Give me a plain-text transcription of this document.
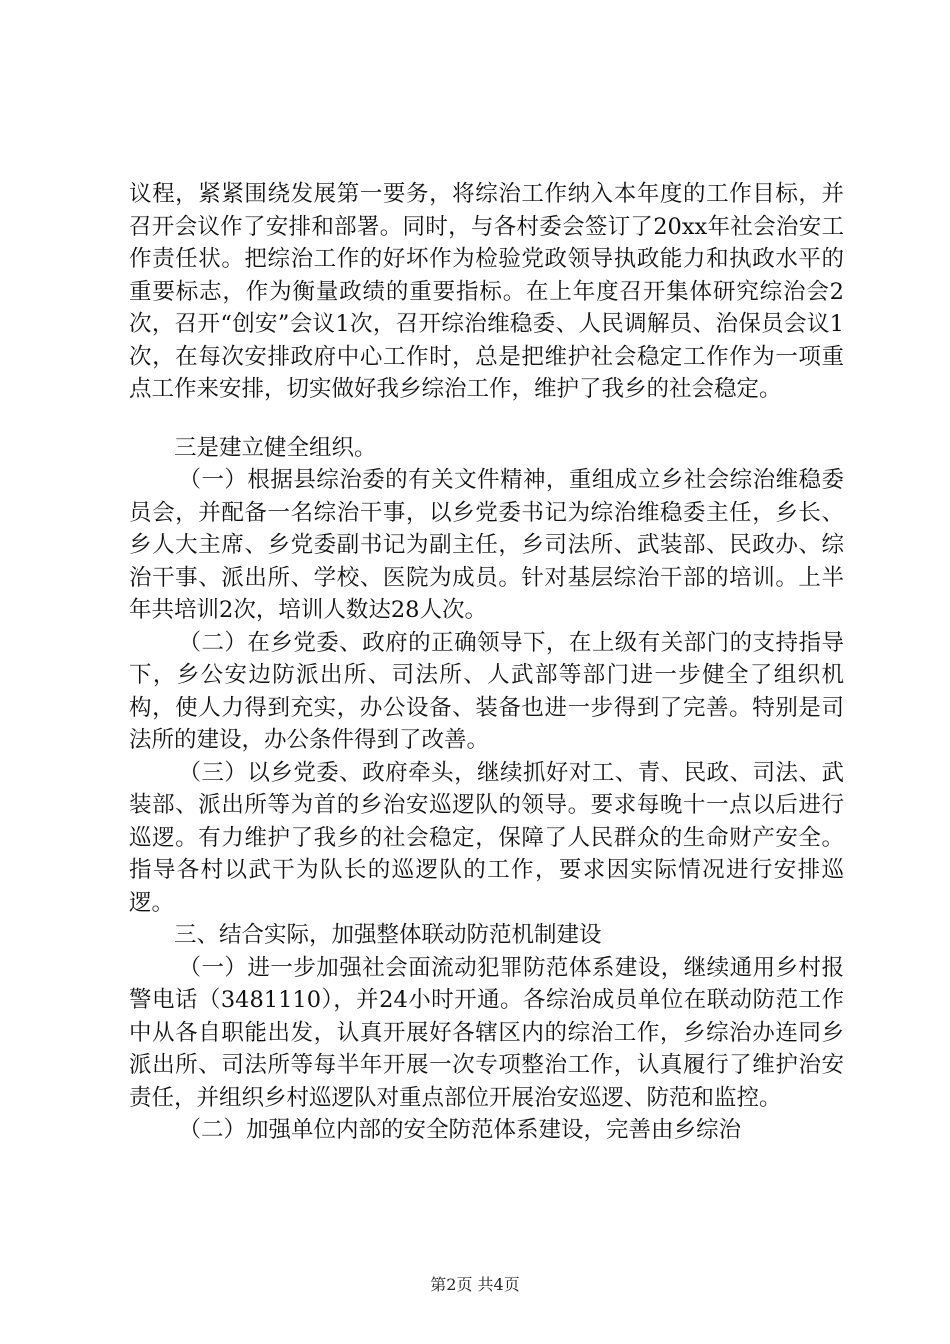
议程，紧紧围绕发展第一要务，将综治工作纳入本年度的工作目标，并召开会议作了安排和部署。同时，与各村委会签订了20xx年社会治安工作责任状。把综治工作的好坏作为检验党政领导执政能力和执政水平的重要标志，作为衡量政绩的重要指标。在上年度召开集体研究综治会2次，召开“创安”会议1次，召开综治维稳委、人民调解员、治保员会议1次，在每次安排政府中心工作时，总是把维护社会稳定工作作为一项重点工作来安排，切实做好我乡综治工作，维护了我乡的社会稳定。

三是建立健全组织。

（一）根据县综治委的有关文件精神，重组成立乡社会综治维稳委员会，并配备一名综治干事，以乡党委书记为综治维稳委主任，乡长、乡人大主席、乡党委副书记为副主任，乡司法所、武装部、民政办、综治干事、派出所、学校、医院为成员。针对基层综治干部的培训。上半年共培训2次，培训人数达28人次。

（二）在乡党委、政府的正确领导下，在上级有关部门的支持指导下，乡公安边防派出所、司法所、人武部等部门进一步健全了组织机构，使人力得到充实，办公设备、装备也进一步得到了完善。特别是司法所的建设，办公条件得到了改善。

（三）以乡党委、政府牵头，继续抓好对工、青、民政、司法、武装部、派出所等为首的乡治安巡逻队的领导。要求每晚十一点以后进行巡逻。有力维护了我乡的社会稳定，保障了人民群众的生命财产安全。指导各村以武干为队长的巡逻队的工作，要求因实际情况进行安排巡逻。

三、结合实际，加强整体联动防范机制建设

（一）进一步加强社会面流动犯罪防范体系建设，继续通用乡村报警电话（3481110），并24小时开通。各综治成员单位在联动防范工作中从各自职能出发，认真开展好各辖区内的综治工作，乡综治办连同乡派出所、司法所等每半年开展一次专项整治工作，认真履行了维护治安责任，并组织乡村巡逻队对重点部位开展治安巡逻、防范和监控。

（二）加强单位内部的安全防范体系建设，完善由乡综治

第2页 共4页
